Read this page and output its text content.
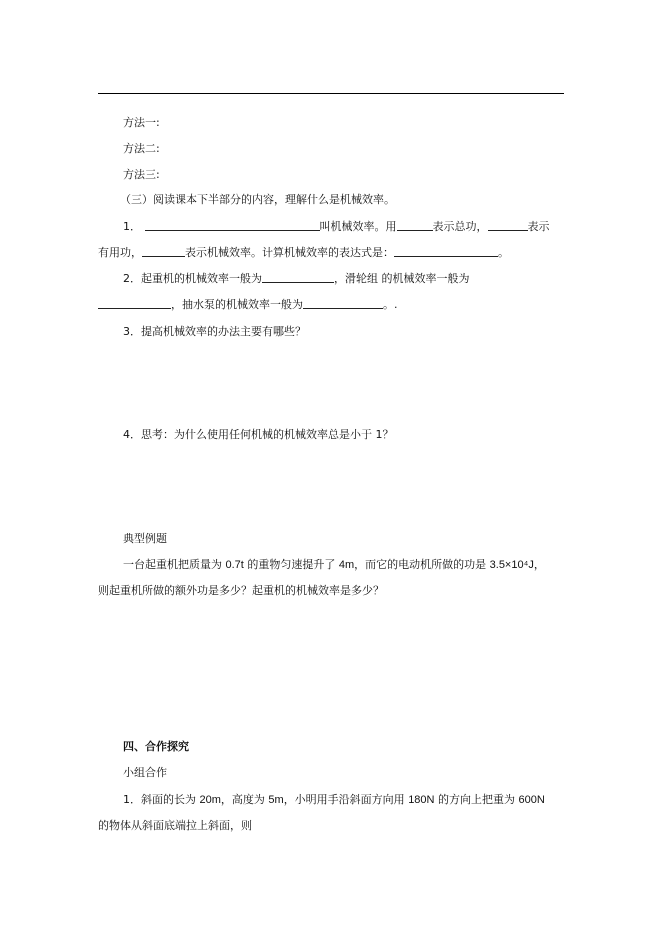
方法一:
方法二:
方法三:
（三）阅读课本下半部分的内容，理解什么是机械效率。
1．	叫机械效率。用	表示总功，	表示
有用功，	表示机械效率。计算机械效率的表达式是：	。
2．起重机的机械效率一般为	，滑轮组 的机械效率一般为
，抽水泵的机械效率一般为	。.
3．提高机械效率的办法主要有哪些？
4．思考：为什么使用任何机械的机械效率总是小于 1？
典型例题
一台起重机把质量为 0.7t 的重物匀速提升了 4m，而它的电动机所做的功是 3.5×10⁴J，
则起重机所做的额外功是多少？起重机的机械效率是多少？
四、合作探究
小组合作
1．斜面的长为 20m，高度为 5m，小明用手沿斜面方向用 180N 的方向上把重为 600N
的物体从斜面底端拉上斜面，则
